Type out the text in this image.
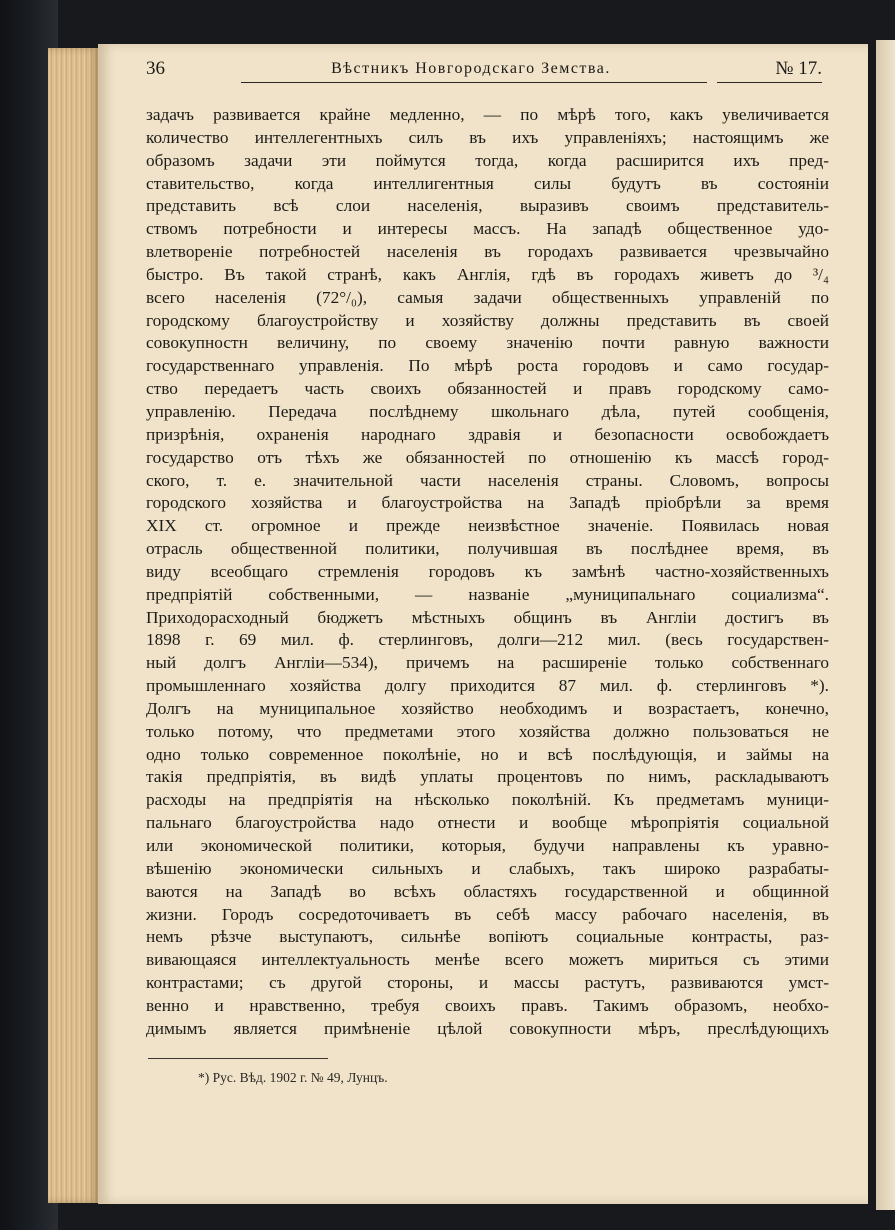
36	Вѣстникъ Новгородскаго Земства.	№ 17.
задачъ развивается крайне медленно, — по мѣрѣ того, какъ увеличивается
количество интеллегентныхъ силъ въ ихъ управленiяхъ; настоящимъ же
образомъ задачи эти поймутся тогда, когда расширится ихъ пред-
ставительство, когда интеллигентныя силы будутъ въ состоянiи
представить всѣ слои населенiя, выразивъ своимъ представитель-
ствомъ потребности и интересы массъ. На западѣ общественное удо-
влетворенiе потребностей населенiя въ городахъ развивается чрезвычайно
быстро. Въ такой странѣ, какъ Англiя, гдѣ въ городахъ живетъ до ³/₄
всего населенiя (72°/₀), самыя задачи общественныхъ управленiй по
городскому благоустройству и хозяйству должны представить въ своей
совокупностн величину, по своему значенiю почти равную важности
государственнаго управленiя. По мѣрѣ роста городовъ и само государ-
ство передаетъ часть своихъ обязанностей и правъ городскому само-
управленiю. Передача послѣднему школьнаго дѣла, путей сообщенiя,
призрѣнiя, охраненiя народнаго здравiя и безопасности освобождаетъ
государство отъ тѣхъ же обязанностей по отношенiю къ массѣ город-
ского, т. е. значительной части населенiя страны. Словомъ, вопросы
городского хозяйства и благоустройства на Западѣ прiобрѣли за время
XIX ст. огромное и прежде неизвѣстное значенiе. Появилась новая
отрасль общественной политики, получившая въ послѣднее время, въ
виду всеобщаго стремленiя городовъ къ замѣнѣ частно-хозяйственныхъ
предпрiятiй собственными, — названiе „муниципальнаго социализма“.
Приходорасходный бюджетъ мѣстныхъ общинъ въ Англiи достигъ въ
1898 г. 69 мил. ф. стерлинговъ, долги—212 мил. (весь государствен-
ный долгъ Англiи—534), причемъ на расширенiе только собственнаго
промышленнаго хозяйства долгу приходится 87 мил. ф. стерлинговъ *).
Долгъ на муниципальное хозяйство необходимъ и возрастаетъ, конечно,
только потому, что предметами этого хозяйства должно пользоваться не
одно только современное поколѣнiе, но и всѣ послѣдующiя, и займы на
такiя предпрiятiя, въ видѣ уплаты процентовъ по нимъ, раскладываютъ
расходы на предпрiятiя на нѣсколько поколѣнiй. Къ предметамъ муници-
пальнаго благоустройства надо отнести и вообще мѣропрiятiя социальной
или экономической политики, которыя, будучи направлены къ уравно-
вѣшенiю экономически сильныхъ и слабыхъ, такъ широко разрабаты-
ваются на Западѣ во всѣхъ областяхъ государственной и общинной
жизни. Городъ сосредоточиваетъ въ себѣ массу рабочаго населенiя, въ
немъ рѣзче выступаютъ, сильнѣе вопiютъ социальные контрасты, раз-
вивающаяся интеллектуальность менѣе всего можетъ мириться съ этими
контрастами; съ другой стороны, и массы растутъ, развиваются умст-
венно и нравственно, требуя своихъ правъ. Такимъ образомъ, необхо-
димымъ является примѣненiе цѣлой совокупности мѣръ, преслѣдующихъ
*) Рус. Вѣд. 1902 г. № 49, Лунцъ.
